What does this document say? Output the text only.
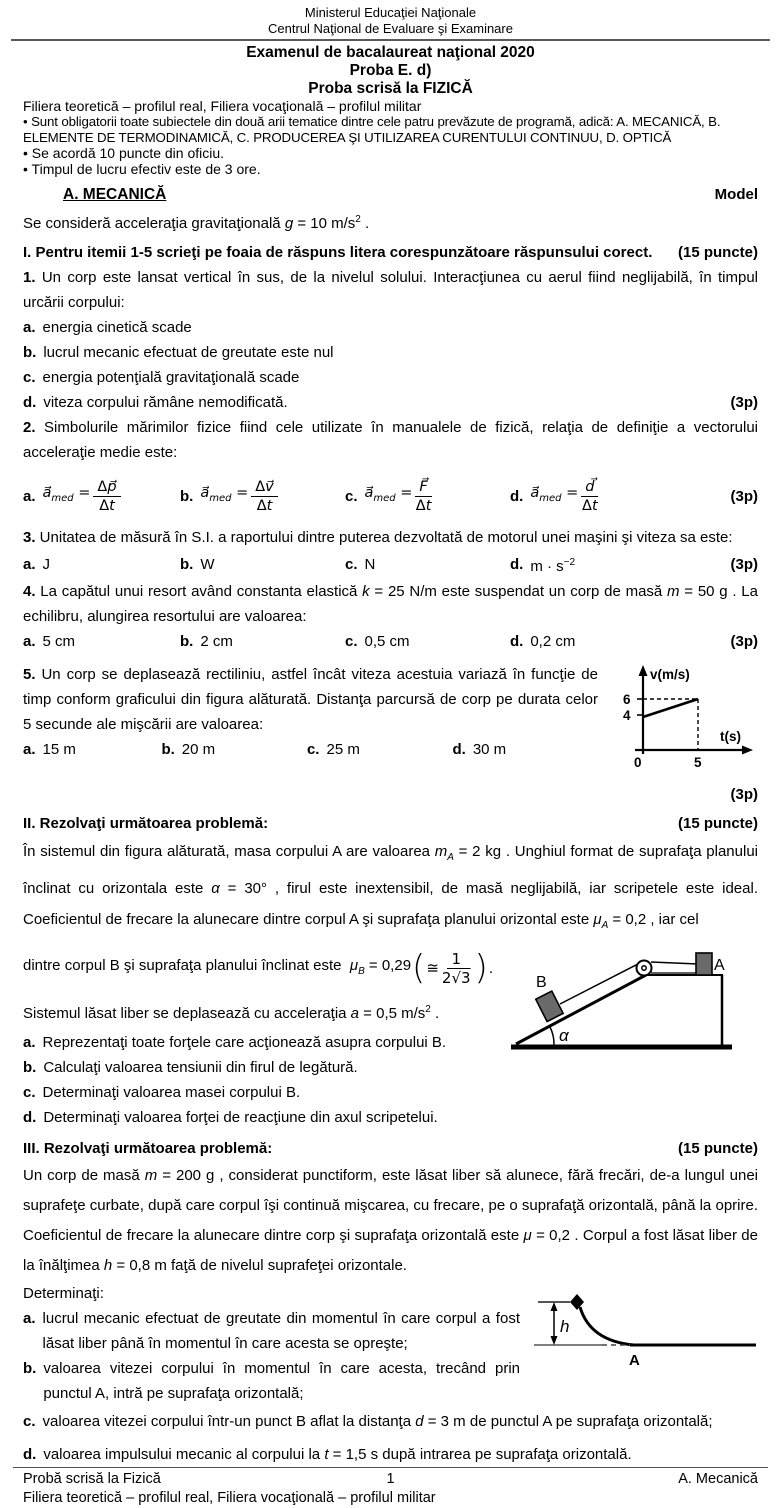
Ministerul Educaţiei Naţionale
Centrul Naţional de Evaluare şi Examinare
Examenul de bacalaureat naţional 2020
Proba E. d)
Proba scrisă la FIZICĂ
Filiera teoretică – profilul real, Filiera vocaţională – profilul militar
• Sunt obligatorii toate subiectele din două arii tematice dintre cele patru prevăzute de programă, adică: A. MECANICĂ, B. ELEMENTE DE TERMODINAMICĂ, C. PRODUCEREA ŞI UTILIZAREA CURENTULUI CONTINUU, D. OPTICĂ
• Se acordă 10 puncte din oficiu.
• Timpul de lucru efectiv este de 3 ore.
A. MECANICĂ	Model
Se consideră acceleraţia gravitaţională g = 10 $m/s^2$ .
I. Pentru itemii 1-5 scrieţi pe foaia de răspuns litera corespunzătoare răspunsului corect. (15 puncte)
1. Un corp este lansat vertical în sus, de la nivelul solului. Interacţiunea cu aerul fiind neglijabilă, în timpul urcării corpului:
a. energia cinetică scade
b. lucrul mecanic efectuat de greutate este nul
c. energia potenţială gravitaţională scade
d. viteza corpului rămâne nemodificată.	(3p)
2. Simbolurile mărimilor fizice fiind cele utilizate în manualele de fizică, relaţia de definiţie a vectorului acceleraţie medie este:
a. $a⃗_{med} = \frac{\Delta p⃗}{\Delta t}$	b. $a⃗_{med} = \frac{\Delta v⃗}{\Delta t}$	c. $a⃗_{med} = \frac{F⃗}{\Delta t}$	d. $a⃗_{med} = \frac{d⃗}{\Delta t}$	(3p)
3. Unitatea de măsură în S.I. a raportului dintre puterea dezvoltată de motorul unei maşini şi viteza sa este:
a. J	b. W	c. N	d. $m \cdot s^{-2}$	(3p)
4. La capătul unui resort având constanta elastică k = 25 N/m este suspendat un corp de masă m = 50 g . La echilibru, alungirea resortului are valoarea:
a. 5 cm	b. 2 cm	c. 0,5 cm	d. 0,2 cm	(3p)
v(m/s)
t(s)
6
4
0	5
5. Un corp se deplasează rectiliniu, astfel încât viteza acestuia variază în funcţie de timp conform graficului din figura alăturată. Distanţa parcursă de corp pe durata celor 5 secunde ale mişcării are valoarea:
a. 15 m	b. 20 m	c. 25 m	d. 30 m
(3p)
II. Rezolvaţi următoarea problemă:	(15 puncte)
În sistemul din figura alăturată, masa corpului A are valoarea $m_A = 2$ kg . Unghiul format de suprafaţa planului înclinat cu orizontala este α = 30° , firul este inextensibil, de masă neglijabilă, iar scripetele este ideal. Coeficientul de frecare la alunecare dintre corpul A şi suprafaţa planului orizontal este $\mu_A = 0,2$ , iar cel
B
A
α
dintre corpul B şi suprafaţa planului înclinat este  $\mu_B = 0,29$ ( ≅ $\frac{1}{2√3}$ ) .
Sistemul lăsat liber se deplasează cu acceleraţia a = 0,5 $m/s^2$ .
a. Reprezentaţi toate forţele care acţionează asupra corpului B.
b. Calculaţi valoarea tensiunii din firul de legătură.
c. Determinaţi valoarea masei corpului B.
d. Determinaţi valoarea forţei de reacţiune din axul scripetelui.
III. Rezolvaţi următoarea problemă:	(15 puncte)
Un corp de masă m = 200 g , considerat punctiform, este lăsat liber să alunece, fără frecări, de-a lungul unei suprafeţe curbate, după care corpul îşi continuă mişcarea, cu frecare, pe o suprafaţă orizontală, până la oprire. Coeficientul de frecare la alunecare dintre corp şi suprafaţa orizontală este μ = 0,2 . Corpul a fost lăsat liber de la înălţimea h = 0,8 m faţă de nivelul suprafeţei orizontale.
h
A
Determinaţi:
a. lucrul mecanic efectuat de greutate din momentul în care corpul a fost lăsat liber până în momentul în care acesta se opreşte;
b. valoarea vitezei corpului în momentul în care acesta, trecând prin punctul A, intră pe suprafaţa orizontală;
c. valoarea vitezei corpului într-un punct B aflat la distanţa d = 3 m de punctul A pe suprafaţa orizontală;
d. valoarea impulsului mecanic al corpului la t = 1,5 s după intrarea pe suprafaţa orizontală.
Probă scrisă la Fizică	1	A. Mecanică
Filiera teoretică – profilul real, Filiera vocaţională – profilul militar
